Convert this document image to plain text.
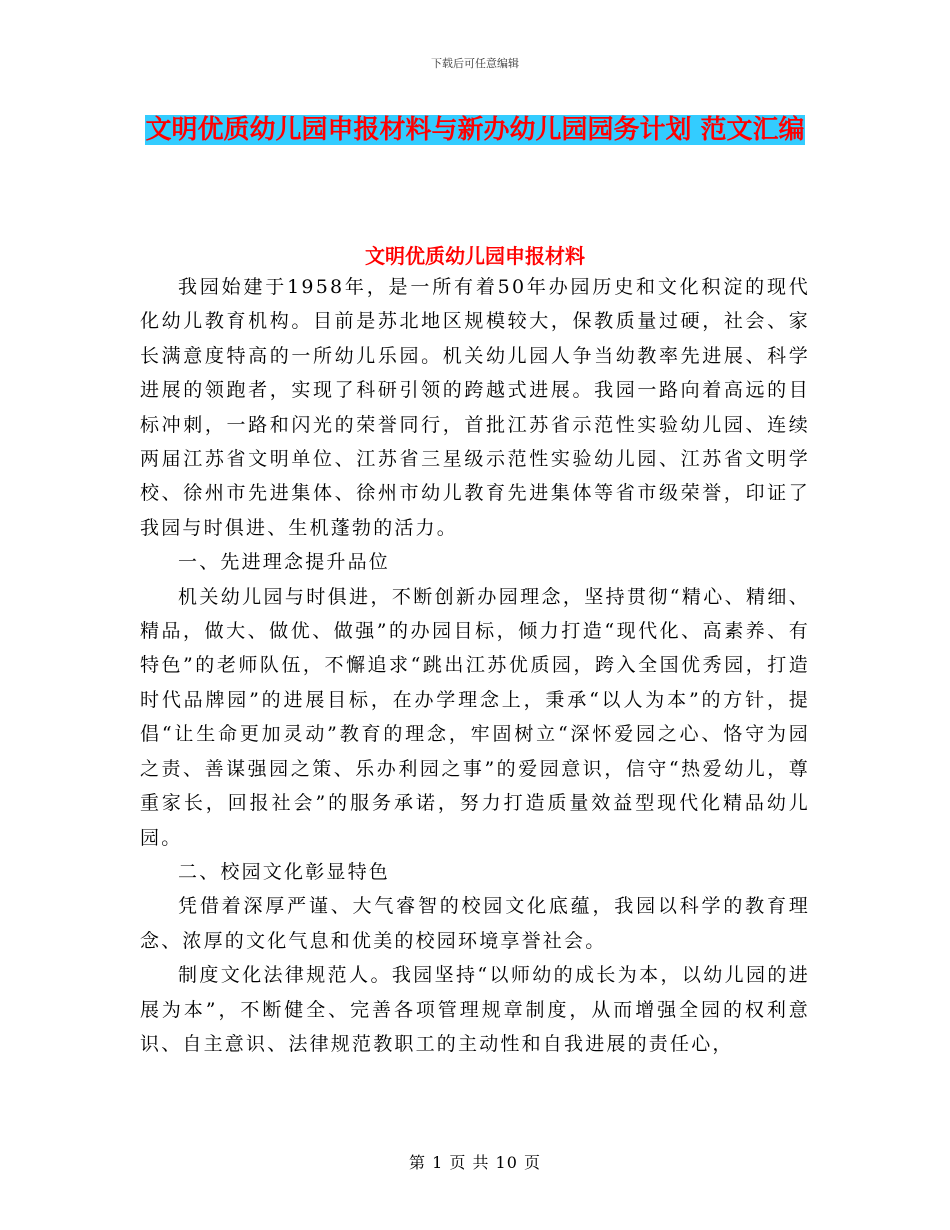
下载后可任意编辑
文明优质幼儿园申报材料与新办幼儿园园务计划 范文汇编
文明优质幼儿园申报材料

我园始建于1958年，是一所有着50年办园历史和文化积淀的现代化幼儿教育机构。目前是苏北地区规模较大，保教质量过硬，社会、家长满意度特高的一所幼儿乐园。机关幼儿园人争当幼教率先进展、科学进展的领跑者，实现了科研引领的跨越式进展。我园一路向着高远的目标冲刺，一路和闪光的荣誉同行，首批江苏省示范性实验幼儿园、连续两届江苏省文明单位、江苏省三星级示范性实验幼儿园、江苏省文明学校、徐州市先进集体、徐州市幼儿教育先进集体等省市级荣誉，印证了我园与时俱进、生机蓬勃的活力。

一、先进理念提升品位

机关幼儿园与时俱进，不断创新办园理念，坚持贯彻“精心、精细、精品，做大、做优、做强”的办园目标，倾力打造“现代化、高素养、有特色”的老师队伍，不懈追求“跳出江苏优质园，跨入全国优秀园，打造时代品牌园”的进展目标，在办学理念上，秉承“以人为本”的方针，提倡“让生命更加灵动”教育的理念，牢固树立“深怀爱园之心、恪守为园之责、善谋强园之策、乐办利园之事”的爱园意识，信守“热爱幼儿，尊重家长，回报社会”的服务承诺，努力打造质量效益型现代化精品幼儿园。

二、校园文化彰显特色

凭借着深厚严谨、大气睿智的校园文化底蕴，我园以科学的教育理念、浓厚的文化气息和优美的校园环境享誉社会。

制度文化法律规范人。我园坚持“以师幼的成长为本，以幼儿园的进展为本”，不断健全、完善各项管理规章制度，从而增强全园的权利意识、自主意识、法律规范教职工的主动性和自我进展的责任心，

第 1 页 共 10 页
